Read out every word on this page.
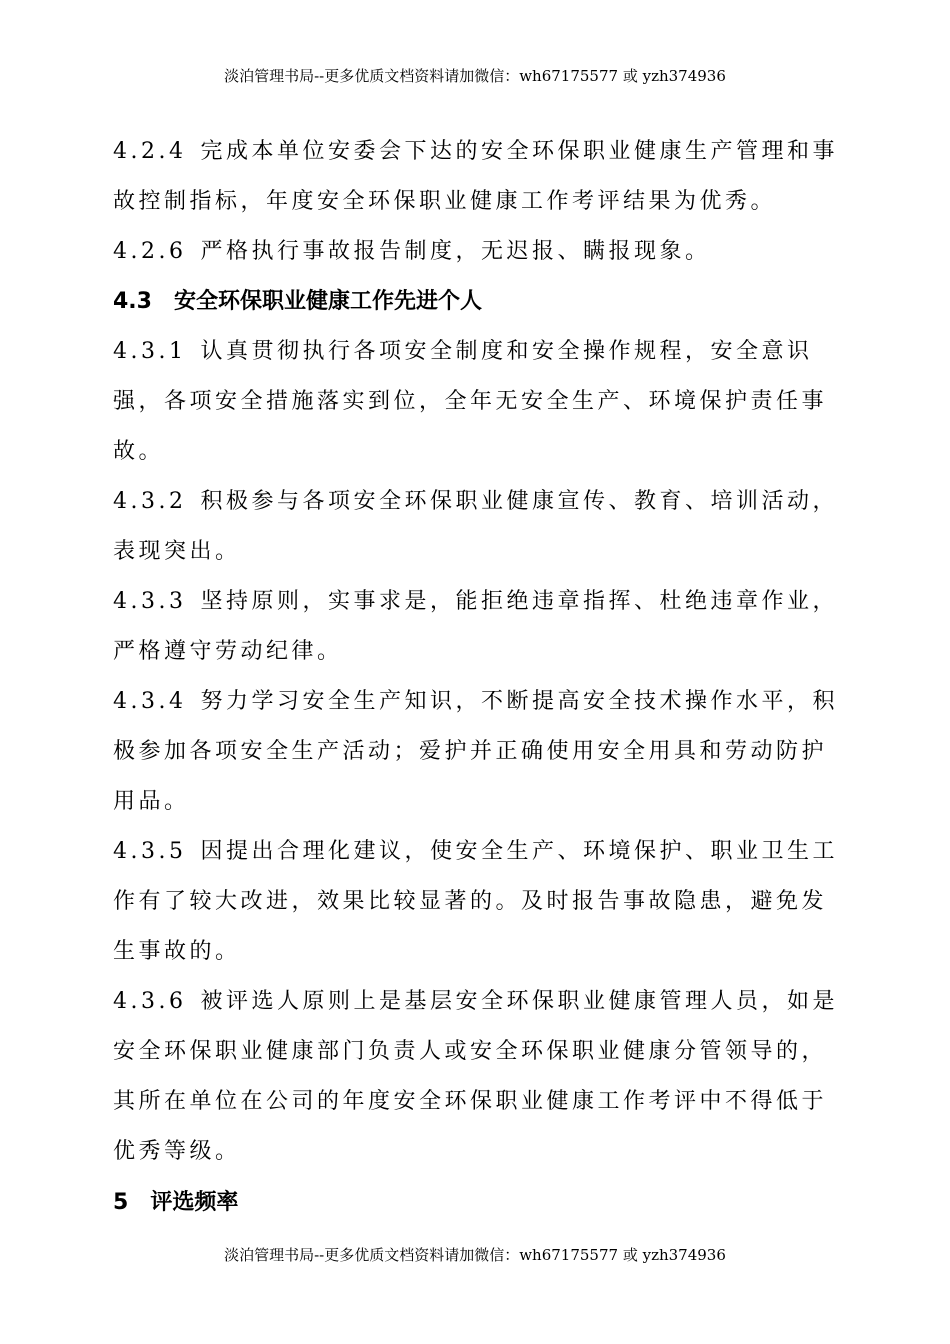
淡泊管理书局--更多优质文档资料请加微信：wh67175577 或 yzh374936

4.2.4 完成本单位安委会下达的安全环保职业健康生产管理和事故控制指标，年度安全环保职业健康工作考评结果为优秀。

4.2.6 严格执行事故报告制度，无迟报、瞒报现象。

4.3 安全环保职业健康工作先进个人

4.3.1 认真贯彻执行各项安全制度和安全操作规程，安全意识强，各项安全措施落实到位，全年无安全生产、环境保护责任事故。

4.3.2 积极参与各项安全环保职业健康宣传、教育、培训活动，表现突出。

4.3.3 坚持原则，实事求是，能拒绝违章指挥、杜绝违章作业，严格遵守劳动纪律。

4.3.4 努力学习安全生产知识，不断提高安全技术操作水平，积极参加各项安全生产活动；爱护并正确使用安全用具和劳动防护用品。

4.3.5 因提出合理化建议，使安全生产、环境保护、职业卫生工作有了较大改进，效果比较显著的。及时报告事故隐患，避免发生事故的。

4.3.6 被评选人原则上是基层安全环保职业健康管理人员，如是安全环保职业健康部门负责人或安全环保职业健康分管领导的，其所在单位在公司的年度安全环保职业健康工作考评中不得低于优秀等级。

5 评选频率

淡泊管理书局--更多优质文档资料请加微信：wh67175577 或 yzh374936
